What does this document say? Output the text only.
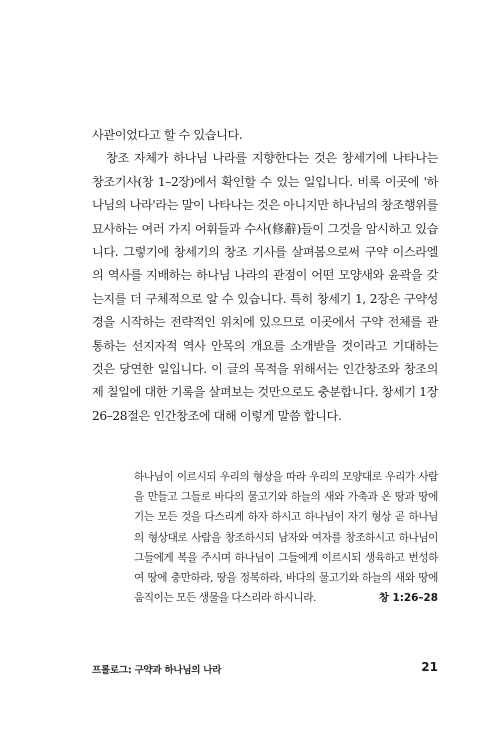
사관이었다고 할 수 있습니다.

창조 자체가 하나님 나라를 지향한다는 것은 창세기에 나타나는 창조기사(창 1–2장)에서 확인할 수 있는 일입니다. 비록 이곳에 '하나님의 나라'라는 말이 나타나는 것은 아니지만 하나님의 창조행위를 묘사하는 여러 가지 어휘들과 수사(修辭)들이 그것을 암시하고 있습니다. 그렇기에 창세기의 창조 기사를 살펴봄으로써 구약 이스라엘의 역사를 지배하는 하나님 나라의 관점이 어떤 모양새와 윤곽을 갖는지를 더 구체적으로 알 수 있습니다. 특히 창세기 1, 2장은 구약성경을 시작하는 전략적인 위치에 있으므로 이곳에서 구약 전체를 관통하는 선지자적 역사 안목의 개요를 소개받을 것이라고 기대하는 것은 당연한 일입니다. 이 글의 목적을 위해서는 인간창조와 창조의 제 칠일에 대한 기록을 살펴보는 것만으로도 충분합니다. 창세기 1장 26–28절은 인간창조에 대해 이렇게 말씀 합니다.

하나님이 이르시되 우리의 형상을 따라 우리의 모양대로 우리가 사람을 만들고 그들로 바다의 물고기와 하늘의 새와 가축과 온 땅과 땅에 기는 모든 것을 다스리게 하자 하시고 하나님이 자기 형상 곧 하나님의 형상대로 사람을 창조하시되 남자와 여자를 창조하시고 하나님이 그들에게 복을 주시며 하나님이 그들에게 이르시되 생육하고 번성하여 땅에 충만하라, 땅을 정복하라, 바다의 물고기와 하늘의 새와 땅에 움직이는 모든 생물을 다스리라 하시니라.	창 1:26–28
프롤로그: 구약과 하나님의 나라	21
